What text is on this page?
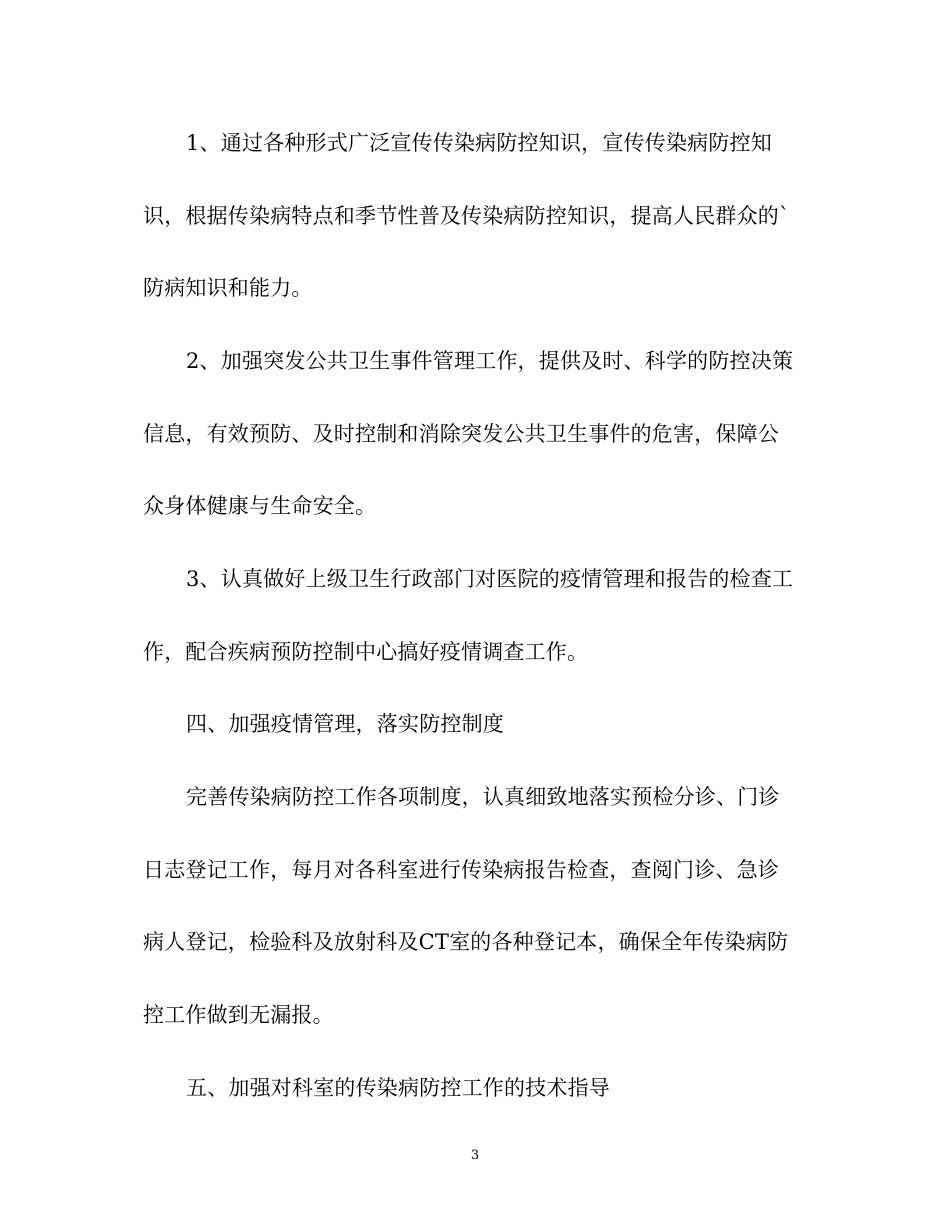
1、通过各种形式广泛宣传传染病防控知识，宣传传染病防控知
识，根据传染病特点和季节性普及传染病防控知识，提高人民群众的`
防病知识和能力。
2、加强突发公共卫生事件管理工作，提供及时、科学的防控决策
信息，有效预防、及时控制和消除突发公共卫生事件的危害，保障公
众身体健康与生命安全。
3、认真做好上级卫生行政部门对医院的疫情管理和报告的检查工
作，配合疾病预防控制中心搞好疫情调查工作。
四、加强疫情管理，落实防控制度
完善传染病防控工作各项制度，认真细致地落实预检分诊、门诊
日志登记工作，每月对各科室进行传染病报告检查，查阅门诊、急诊
病人登记，检验科及放射科及CT室的各种登记本，确保全年传染病防
控工作做到无漏报。
五、加强对科室的传染病防控工作的技术指导
3
